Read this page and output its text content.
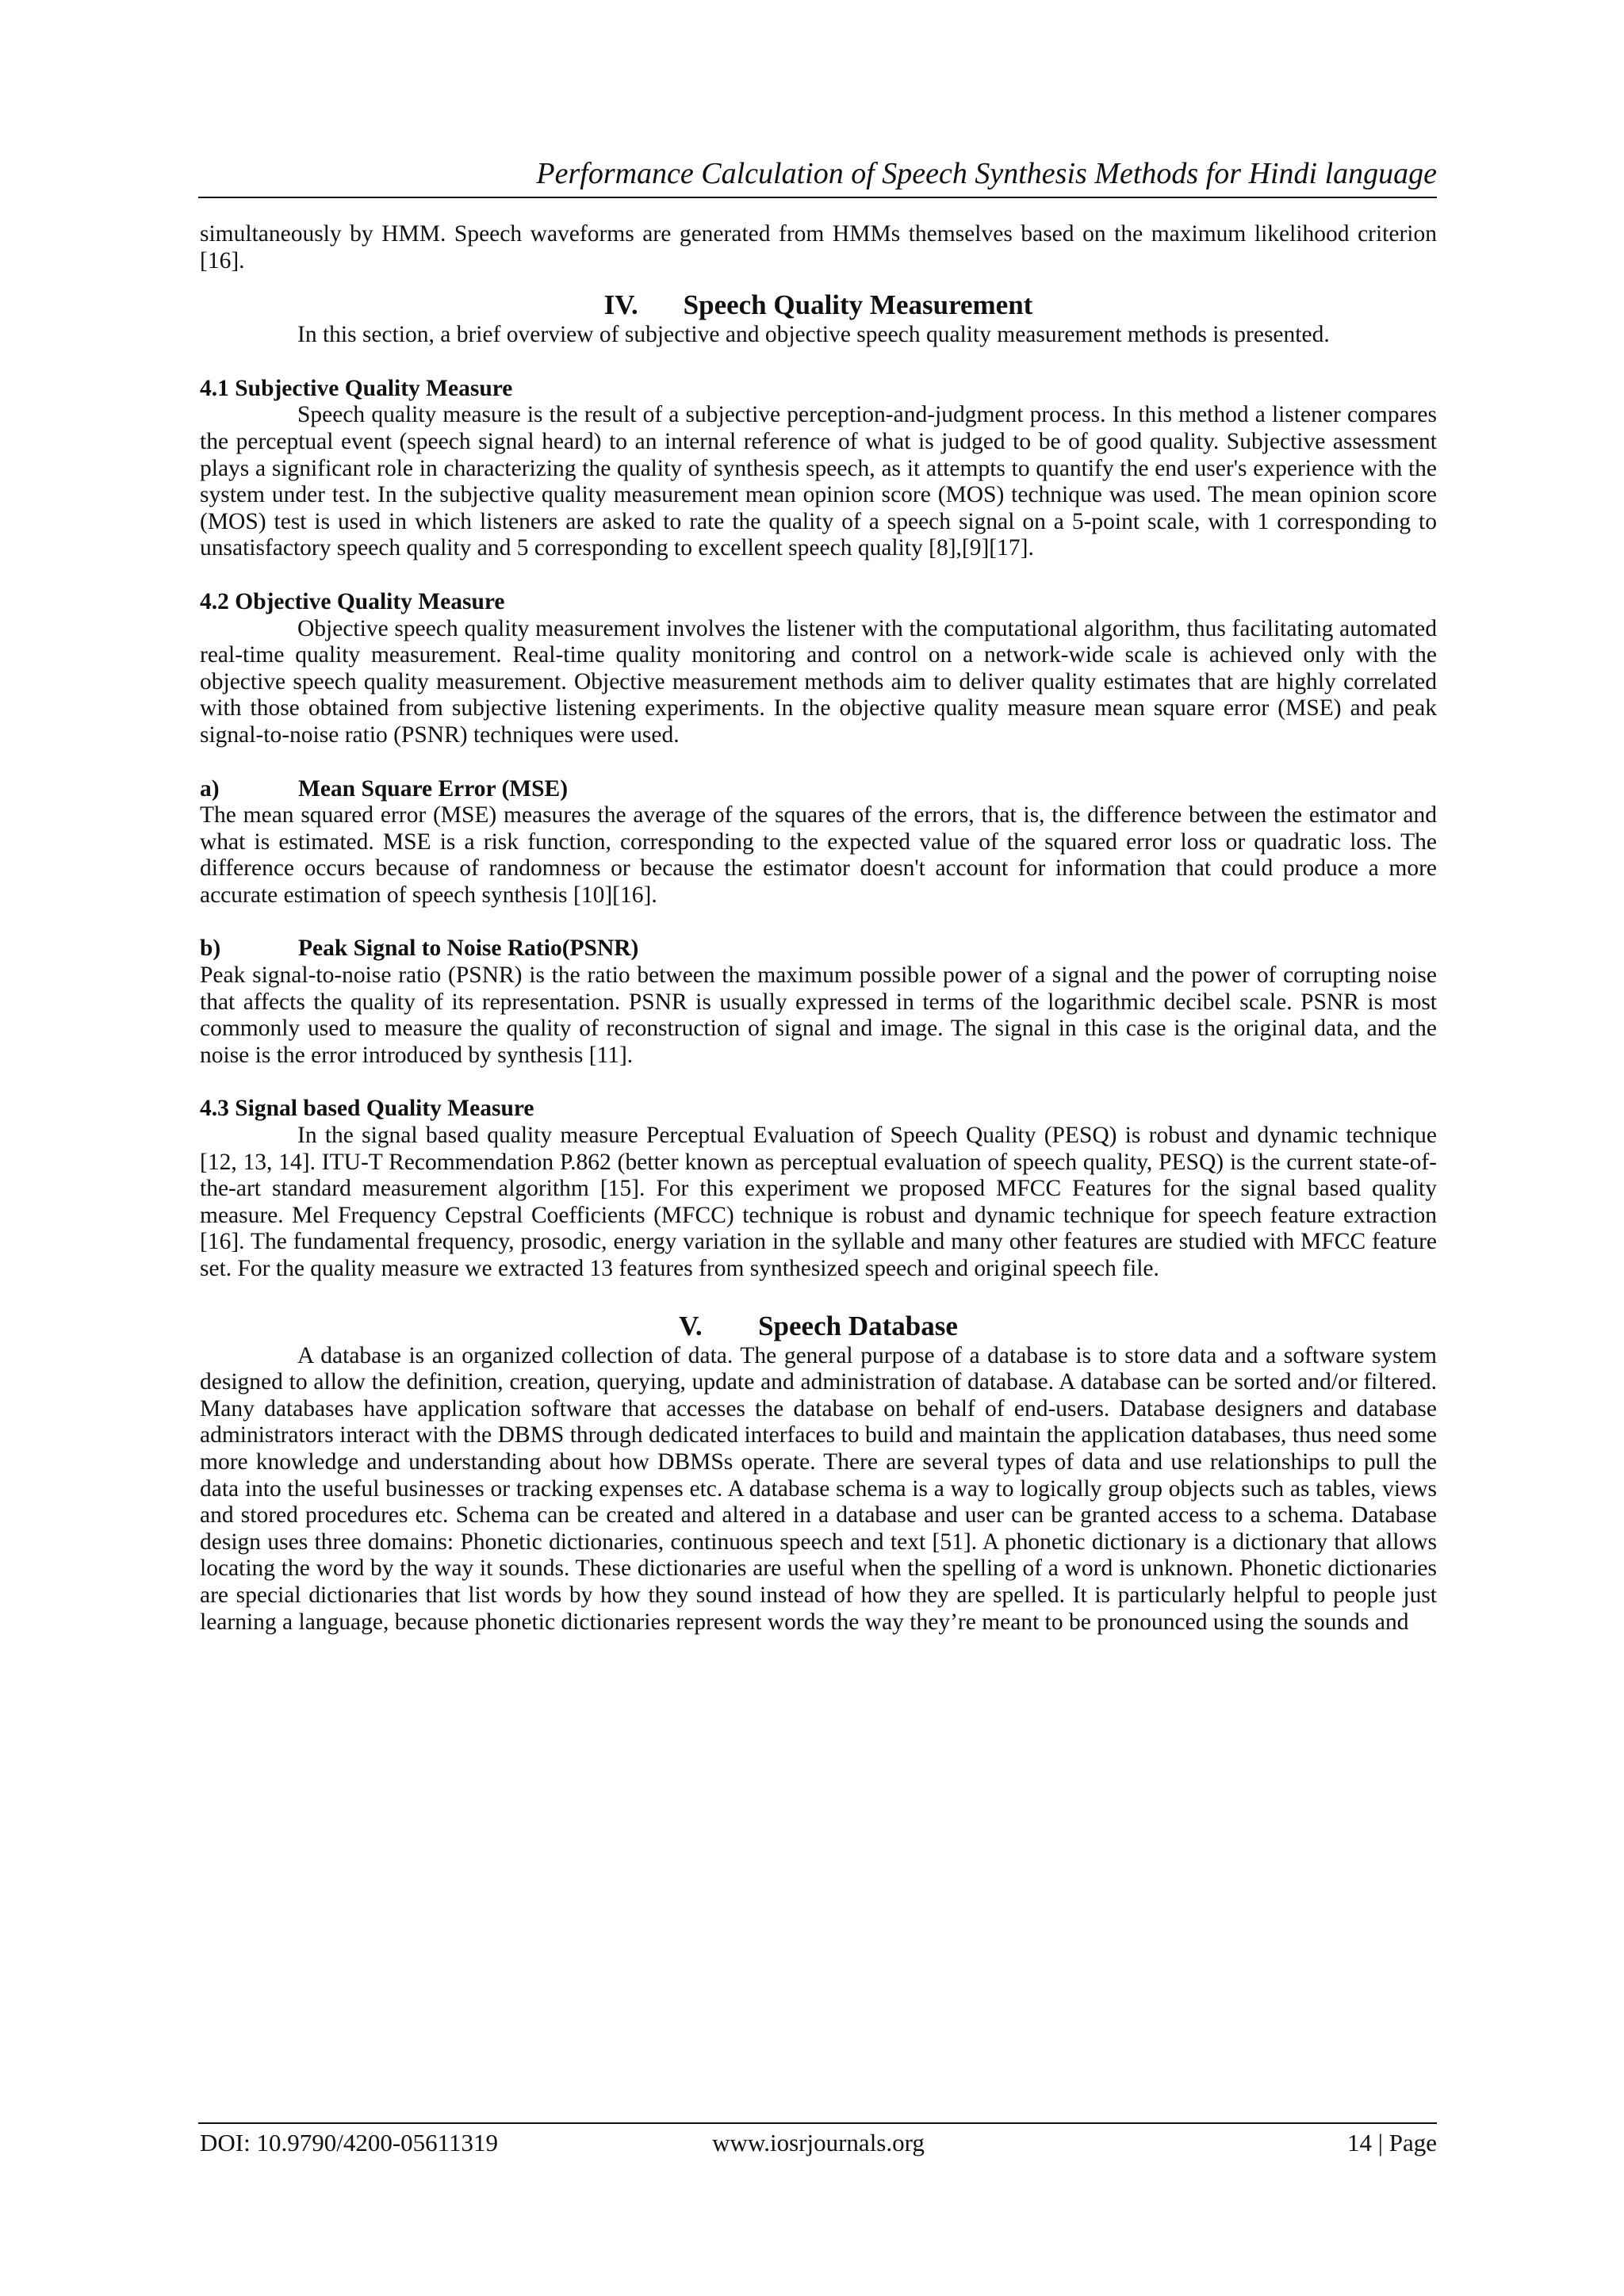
Performance Calculation of Speech Synthesis Methods for Hindi language

simultaneously by HMM. Speech waveforms are generated from HMMs themselves based on the maximum likelihood criterion [16].

IV. Speech Quality Measurement

In this section, a brief overview of subjective and objective speech quality measurement methods is presented.

4.1 Subjective Quality Measure

Speech quality measure is the result of a subjective perception-and-judgment process. In this method a listener compares the perceptual event (speech signal heard) to an internal reference of what is judged to be of good quality. Subjective assessment plays a significant role in characterizing the quality of synthesis speech, as it attempts to quantify the end user's experience with the system under test. In the subjective quality measurement mean opinion score (MOS) technique was used. The mean opinion score (MOS) test is used in which listeners are asked to rate the quality of a speech signal on a 5-point scale, with 1 corresponding to unsatisfactory speech quality and 5 corresponding to excellent speech quality [8],[9][17].

4.2 Objective Quality Measure

Objective speech quality measurement involves the listener with the computational algorithm, thus facilitating automated real-time quality measurement. Real-time quality monitoring and control on a network-wide scale is achieved only with the objective speech quality measurement. Objective measurement methods aim to deliver quality estimates that are highly correlated with those obtained from subjective listening experiments. In the objective quality measure mean square error (MSE) and peak signal-to-noise ratio (PSNR) techniques were used.

a)	Mean Square Error (MSE)

The mean squared error (MSE) measures the average of the squares of the errors, that is, the difference between the estimator and what is estimated. MSE is a risk function, corresponding to the expected value of the squared error loss or quadratic loss. The difference occurs because of randomness or because the estimator doesn't account for information that could produce a more accurate estimation of speech synthesis [10][16].

b)	Peak Signal to Noise Ratio(PSNR)

Peak signal-to-noise ratio (PSNR) is the ratio between the maximum possible power of a signal and the power of corrupting noise that affects the quality of its representation. PSNR is usually expressed in terms of the logarithmic decibel scale. PSNR is most commonly used to measure the quality of reconstruction of signal and image. The signal in this case is the original data, and the noise is the error introduced by synthesis [11].

4.3 Signal based Quality Measure

In the signal based quality measure Perceptual Evaluation of Speech Quality (PESQ) is robust and dynamic technique [12, 13, 14]. ITU-T Recommendation P.862 (better known as perceptual evaluation of speech quality, PESQ) is the current state-of-the-art standard measurement algorithm [15]. For this experiment we proposed MFCC Features for the signal based quality measure. Mel Frequency Cepstral Coefficients (MFCC) technique is robust and dynamic technique for speech feature extraction [16]. The fundamental frequency, prosodic, energy variation in the syllable and many other features are studied with MFCC feature set. For the quality measure we extracted 13 features from synthesized speech and original speech file.

V. Speech Database

A database is an organized collection of data. The general purpose of a database is to store data and a software system designed to allow the definition, creation, querying, update and administration of database. A database can be sorted and/or filtered. Many databases have application software that accesses the database on behalf of end-users. Database designers and database administrators interact with the DBMS through dedicated interfaces to build and maintain the application databases, thus need some more knowledge and understanding about how DBMSs operate. There are several types of data and use relationships to pull the data into the useful businesses or tracking expenses etc. A database schema is a way to logically group objects such as tables, views and stored procedures etc. Schema can be created and altered in a database and user can be granted access to a schema. Database design uses three domains: Phonetic dictionaries, continuous speech and text [51]. A phonetic dictionary is a dictionary that allows locating the word by the way it sounds. These dictionaries are useful when the spelling of a word is unknown. Phonetic dictionaries are special dictionaries that list words by how they sound instead of how they are spelled. It is particularly helpful to people just learning a language, because phonetic dictionaries represent words the way they’re meant to be pronounced using the sounds and

DOI: 10.9790/4200-05611319	www.iosrjournals.org	14 | Page
